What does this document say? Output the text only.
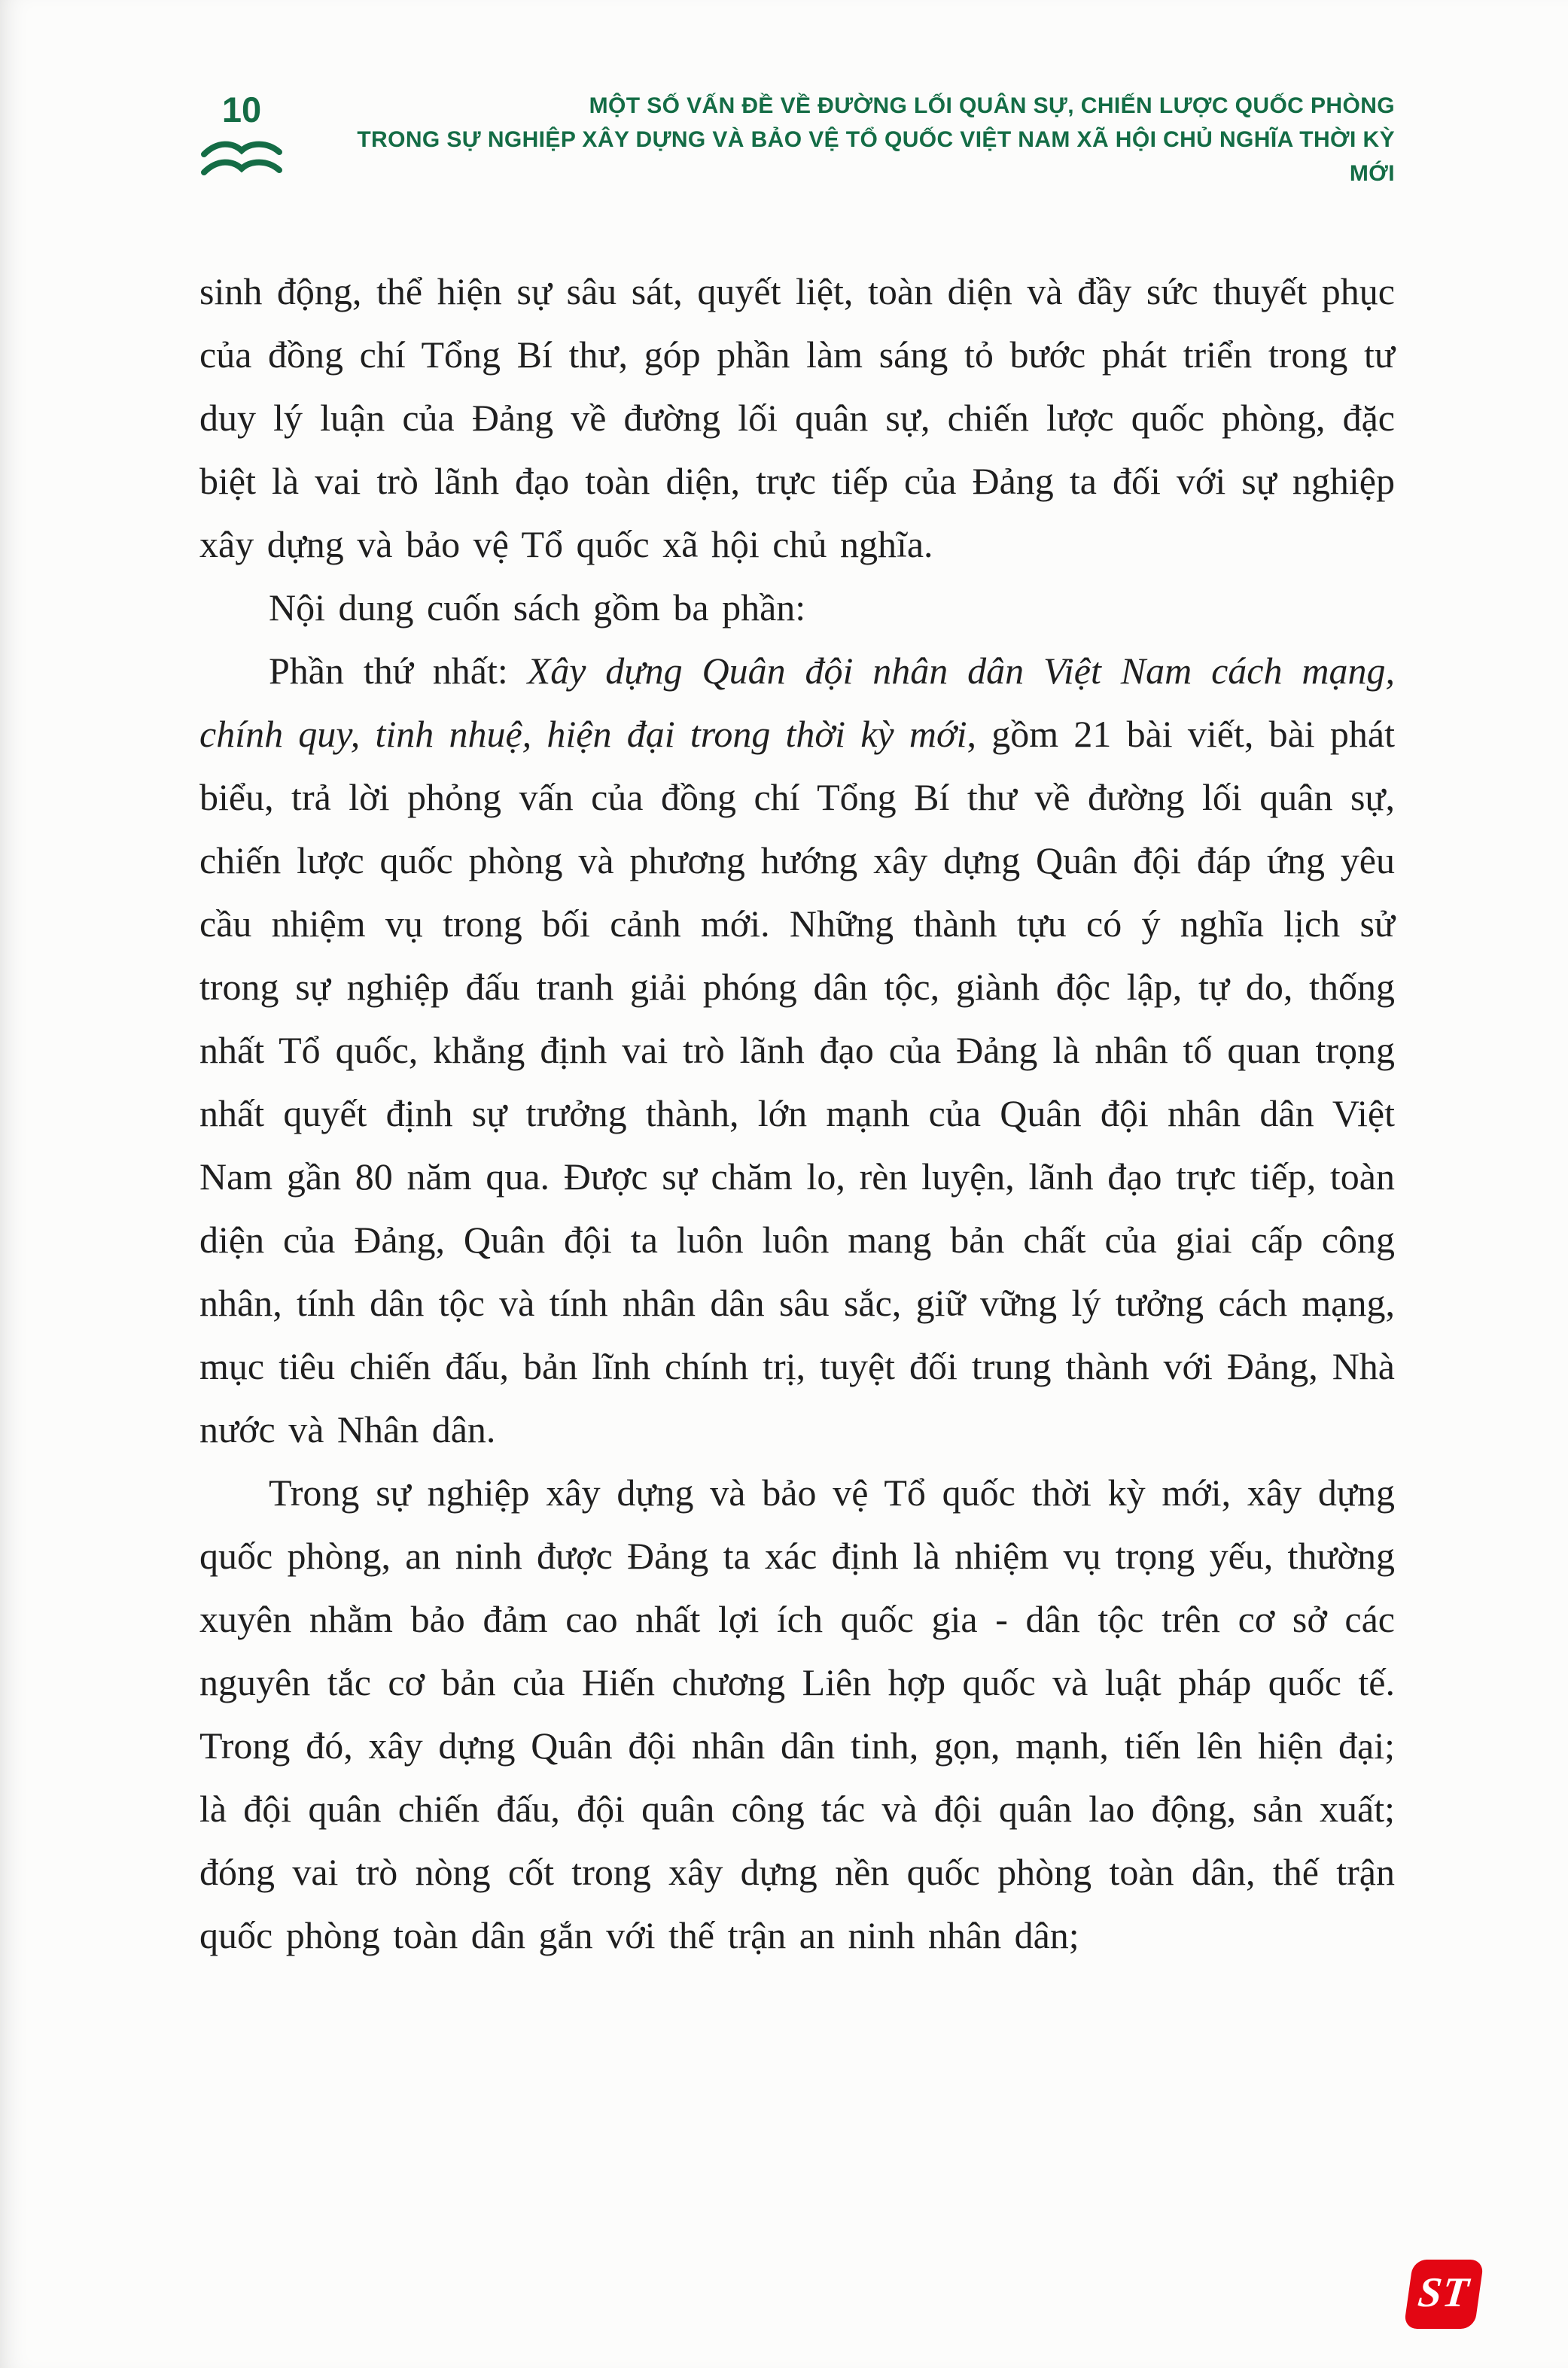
10	MỘT SỐ VẤN ĐỀ VỀ ĐƯỜNG LỐI QUÂN SỰ, CHIẾN LƯỢC QUỐC PHÒNG
TRONG SỰ NGHIỆP XÂY DỰNG VÀ BẢO VỆ TỔ QUỐC VIỆT NAM XÃ HỘI CHỦ NGHĨA THỜI KỲ MỚI

sinh động, thể hiện sự sâu sát, quyết liệt, toàn diện và đầy sức thuyết phục của đồng chí Tổng Bí thư, góp phần làm sáng tỏ bước phát triển trong tư duy lý luận của Đảng về đường lối quân sự, chiến lược quốc phòng, đặc biệt là vai trò lãnh đạo toàn diện, trực tiếp của Đảng ta đối với sự nghiệp xây dựng và bảo vệ Tổ quốc xã hội chủ nghĩa.

Nội dung cuốn sách gồm ba phần:

Phần thứ nhất: Xây dựng Quân đội nhân dân Việt Nam cách mạng, chính quy, tinh nhuệ, hiện đại trong thời kỳ mới, gồm 21 bài viết, bài phát biểu, trả lời phỏng vấn của đồng chí Tổng Bí thư về đường lối quân sự, chiến lược quốc phòng và phương hướng xây dựng Quân đội đáp ứng yêu cầu nhiệm vụ trong bối cảnh mới. Những thành tựu có ý nghĩa lịch sử trong sự nghiệp đấu tranh giải phóng dân tộc, giành độc lập, tự do, thống nhất Tổ quốc, khẳng định vai trò lãnh đạo của Đảng là nhân tố quan trọng nhất quyết định sự trưởng thành, lớn mạnh của Quân đội nhân dân Việt Nam gần 80 năm qua. Được sự chăm lo, rèn luyện, lãnh đạo trực tiếp, toàn diện của Đảng, Quân đội ta luôn luôn mang bản chất của giai cấp công nhân, tính dân tộc và tính nhân dân sâu sắc, giữ vững lý tưởng cách mạng, mục tiêu chiến đấu, bản lĩnh chính trị, tuyệt đối trung thành với Đảng, Nhà nước và Nhân dân.

Trong sự nghiệp xây dựng và bảo vệ Tổ quốc thời kỳ mới, xây dựng quốc phòng, an ninh được Đảng ta xác định là nhiệm vụ trọng yếu, thường xuyên nhằm bảo đảm cao nhất lợi ích quốc gia - dân tộc trên cơ sở các nguyên tắc cơ bản của Hiến chương Liên hợp quốc và luật pháp quốc tế. Trong đó, xây dựng Quân đội nhân dân tinh, gọn, mạnh, tiến lên hiện đại; là đội quân chiến đấu, đội quân công tác và đội quân lao động, sản xuất; đóng vai trò nòng cốt trong xây dựng nền quốc phòng toàn dân, thế trận quốc phòng toàn dân gắn với thế trận an ninh nhân dân;

ST
